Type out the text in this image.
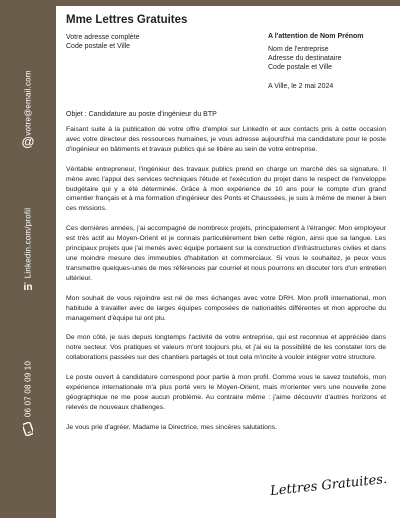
votre@email.com
@
Linkedin.com/profil
in
06 07 08 09 10
Mme Lettres Gratuites
Votre adresse complète
Code postale et Ville
A l'attention de Nom Prénom
Nom de l'entreprise
Adresse du destinataire
Code postale et Ville
A Ville, le 2 mai 2024
Objet : Candidature au poste d'ingénieur du BTP

Faisant suite à la publication de votre offre d'emploi sur LinkedIn et aux contacts pris à cette occasion avec votre directeur des ressources humaines, je vous adresse aujourd'hui ma candidature pour le poste d'ingénieur en bâtiments et travaux publics qui se libère au sein de votre entreprise.

Véritable entrepreneur, l'ingénieur des travaux publics prend en charge un marché dès sa signature. Il mène avec l'appui des services techniques l'étude et l'exécution du projet dans le respect de l'enveloppe budgétaire qui y a été déterminée. Grâce à mon expérience de 10 ans pour le compte d'un grand cimentier français et à ma formation d'ingénieur des Ponts et Chaussées, je suis à même de mener à bien ces missions.

Ces dernières années, j'ai accompagné de nombreux projets, principalement à l'étranger. Mon employeur est très actif au Moyen-Orient et je connais particulièrement bien cette région, ainsi que sa langue. Les principaux projets que j'ai menés avec équipe portaient sur la construction d'infrastructures civiles et dans une moindre mesure des immeubles d'habitation et commerciaux. Si vous le souhaitez, je peux vous transmettre quelques-unes de mes références par courriel et nous pourrons en discuter lors d'un entretien ultérieur.

Mon souhait de vous rejoindre est né de mes échanges avec votre DRH. Mon profil international, mon habitude à travailler avec de larges équipes composées de nationalités différentes et mon approche du management d'équipe lui ont plu.

De mon côté, je suis depuis longtemps l'activité de votre entreprise, qui est reconnue et appréciée dans notre secteur. Vos pratiques et valeurs m'ont toujours plu, et j'ai eu la possibilité de les constater lors de collaborations passées sur des chantiers partagés et tout cela m'incite à vouloir intégrer votre structure.

Le poste ouvert à candidature correspond pour partie à mon profil. Comme vous le savez toutefois, mon expérience internationale m'a plus porté vers le Moyen-Orient, mais m'orienter vers une nouvelle zone géographique ne me pose aucun problème. Au contraire même : j'aime découvrir d'autres horizons et relevés de nouveaux challenges.

Je vous prie d'agréer, Madame la Directrice, mes sincères salutations.

Lettres Gratuites.
